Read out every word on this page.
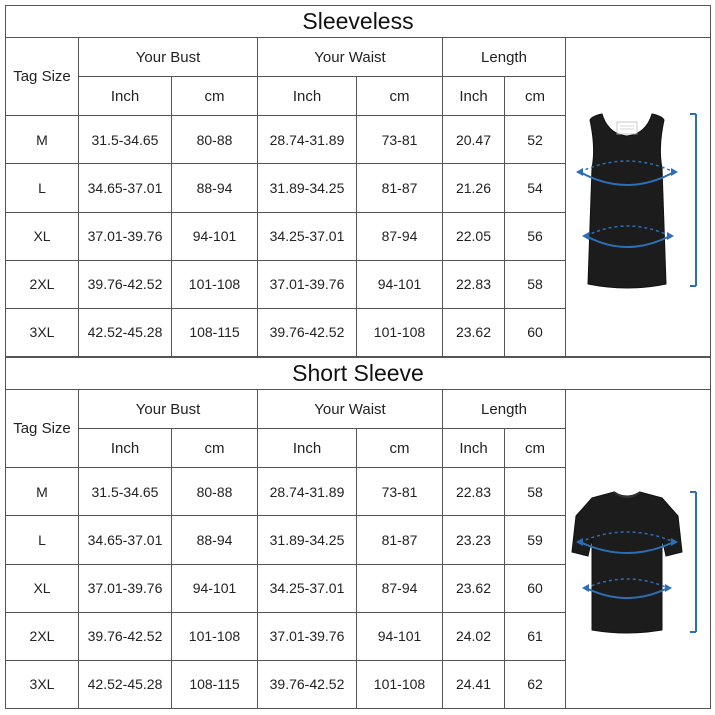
Sleeveless							
Tag Size	Your Bust		Your Waist		Length	

	Inch	cm	Inch	cm	Inch	cm	
M	31.5-34.65	80-88	28.74-31.89	73-81	20.47	52	
L	34.65-37.01	88-94	31.89-34.25	81-87	21.26	54	
XL	37.01-39.76	94-101	34.25-37.01	87-94	22.05	56	
2XL	39.76-42.52	101-108	37.01-39.76	94-101	22.83	58	
3XL	42.52-45.28	108-115	39.76-42.52	101-108	23.62	60	
Short Sleeve							
Tag Size	Your Bust		Your Waist		Length	

	Inch	cm	Inch	cm	Inch	cm	
M	31.5-34.65	80-88	28.74-31.89	73-81	22.83	58	
L	34.65-37.01	88-94	31.89-34.25	81-87	23.23	59	
XL	37.01-39.76	94-101	34.25-37.01	87-94	23.62	60	
2XL	39.76-42.52	101-108	37.01-39.76	94-101	24.02	61	
3XL	42.52-45.28	108-115	39.76-42.52	101-108	24.41	62	
